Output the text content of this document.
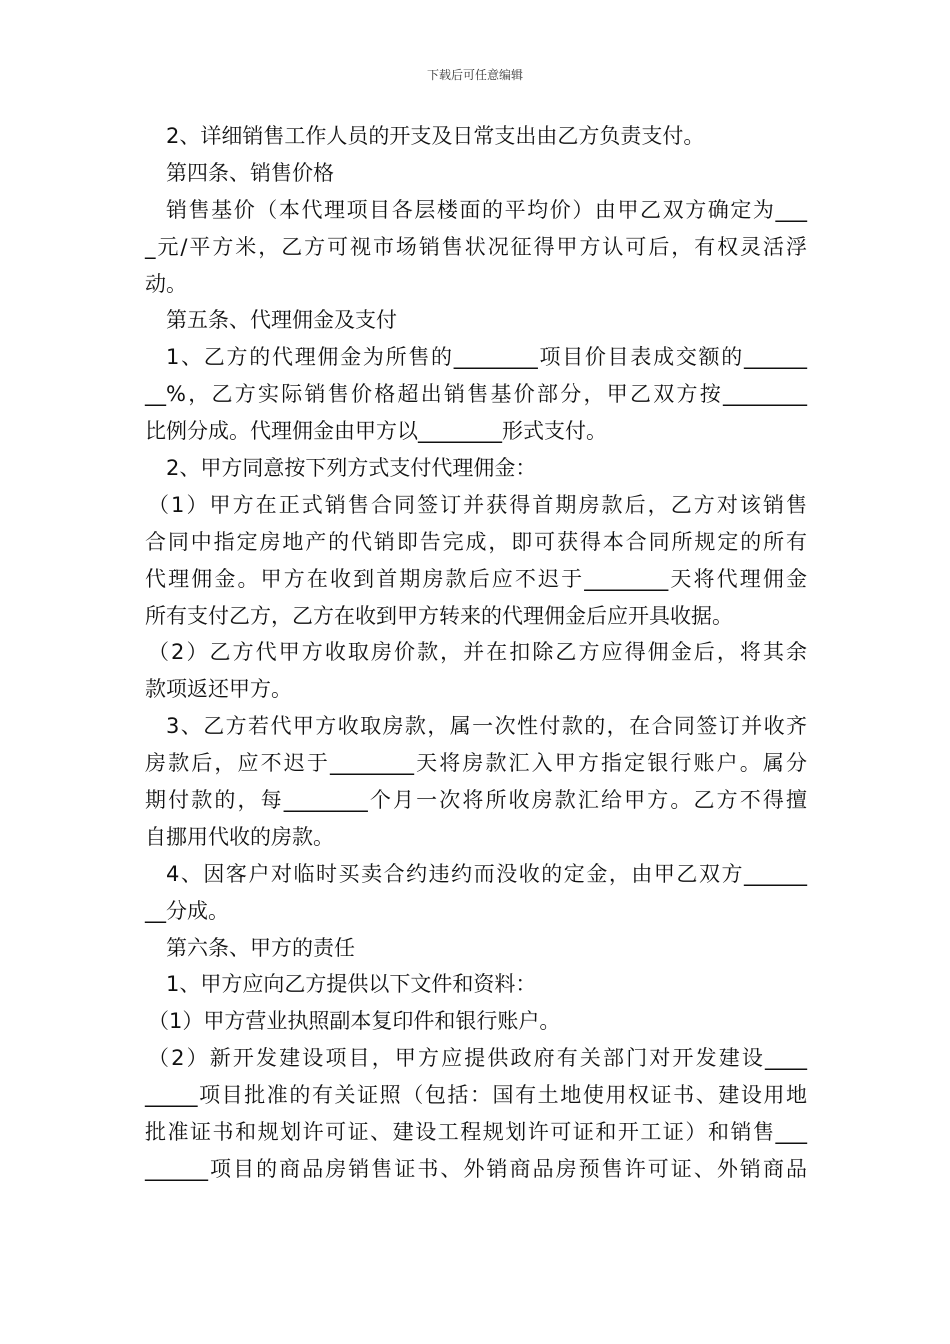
下载后可任意编辑
2、详细销售工作人员的开支及日常支出由乙方负责支付。
第四条、销售价格
销售基价（本代理项目各层楼面的平均价）由甲乙双方确定为___
_元/平方米，乙方可视市场销售状况征得甲方认可后，有权灵活浮
动。
第五条、代理佣金及支付
1、乙方的代理佣金为所售的________项目价目表成交额的______
__%，乙方实际销售价格超出销售基价部分，甲乙双方按________
比例分成。代理佣金由甲方以________形式支付。
2、甲方同意按下列方式支付代理佣金：
（1）甲方在正式销售合同签订并获得首期房款后，乙方对该销售
合同中指定房地产的代销即告完成，即可获得本合同所规定的所有
代理佣金。甲方在收到首期房款后应不迟于________天将代理佣金
所有支付乙方，乙方在收到甲方转来的代理佣金后应开具收据。
（2）乙方代甲方收取房价款，并在扣除乙方应得佣金后，将其余
款项返还甲方。
3、乙方若代甲方收取房款，属一次性付款的，在合同签订并收齐
房款后，应不迟于________天将房款汇入甲方指定银行账户。属分
期付款的，每________个月一次将所收房款汇给甲方。乙方不得擅
自挪用代收的房款。
4、因客户对临时买卖合约违约而没收的定金，由甲乙双方______
__分成。
第六条、甲方的责任
1、甲方应向乙方提供以下文件和资料：
（1）甲方营业执照副本复印件和银行账户。
（2）新开发建设项目，甲方应提供政府有关部门对开发建设____
_____项目批准的有关证照（包括：国有土地使用权证书、建设用地
批准证书和规划许可证、建设工程规划许可证和开工证）和销售___
______项目的商品房销售证书、外销商品房预售许可证、外销商品
